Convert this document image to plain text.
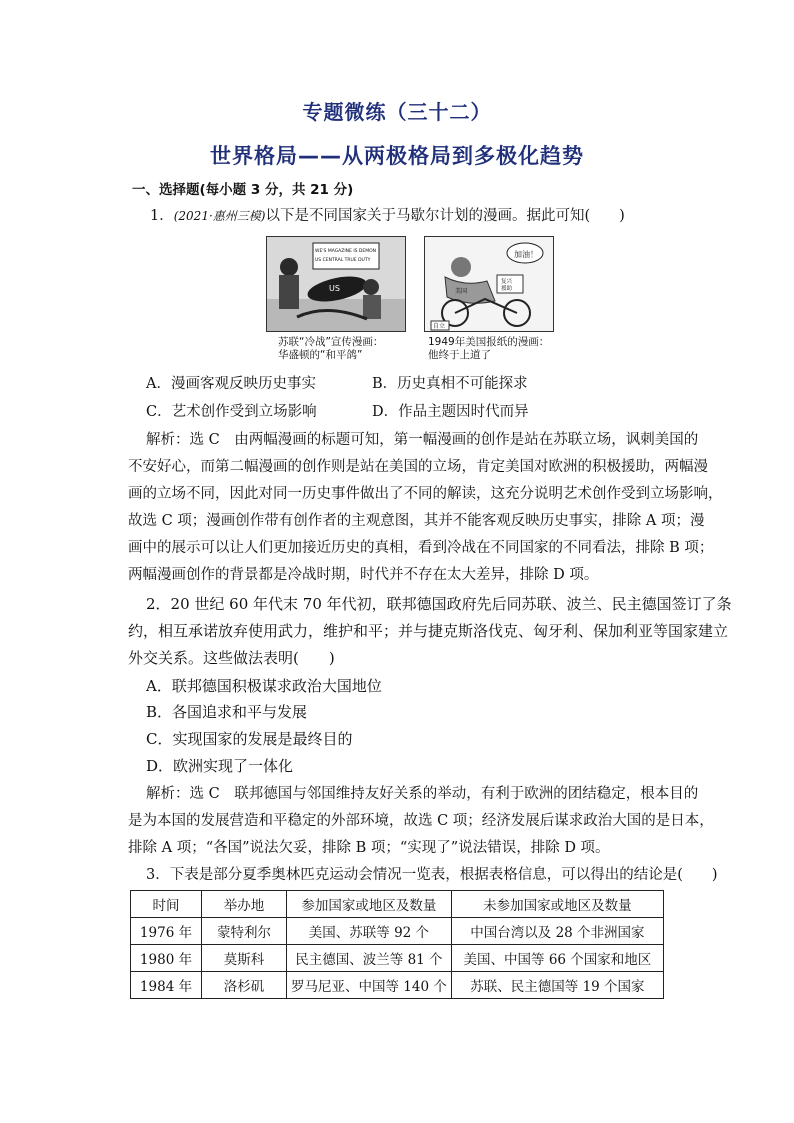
专题微练（三十二）
世界格局——从两极格局到多极化趋势
一、选择题(每小题 3 分，共 21 分)
1．(2021·惠州三模)以下是不同国家关于马歇尔计划的漫画。据此可知(　　)
WE'S MAGAZINE IS DEMON
US CENTRAL TRUE DUTY
US
苏联“冷战”宣传漫画：
华盛顿的“和平鸽”
加油！
美国
复兴
援助
自立
1949年美国报纸的漫画：
他终于上道了
A．漫画客观反映历史事实	B．历史真相不可能探求
C．艺术创作受到立场影响	D．作品主题因时代而异
解析：选 C　由两幅漫画的标题可知，第一幅漫画的创作是站在苏联立场，讽刺美国的
不安好心，而第二幅漫画的创作则是站在美国的立场，肯定美国对欧洲的积极援助，两幅漫
画的立场不同，因此对同一历史事件做出了不同的解读，这充分说明艺术创作受到立场影响，
故选 C 项；漫画创作带有创作者的主观意图，其并不能客观反映历史事实，排除 A 项；漫
画中的展示可以让人们更加接近历史的真相，看到冷战在不同国家的不同看法，排除 B 项；
两幅漫画创作的背景都是冷战时期，时代并不存在太大差异，排除 D 项。
2．20 世纪 60 年代末 70 年代初，联邦德国政府先后同苏联、波兰、民主德国签订了条
约，相互承诺放弃使用武力，维护和平；并与捷克斯洛伐克、匈牙利、保加利亚等国家建立
外交关系。这些做法表明(　　)
A．联邦德国积极谋求政治大国地位
B．各国追求和平与发展
C．实现国家的发展是最终目的
D．欧洲实现了一体化
解析：选 C　联邦德国与邻国维持友好关系的举动，有利于欧洲的团结稳定，根本目的
是为本国的发展营造和平稳定的外部环境，故选 C 项；经济发展后谋求政治大国的是日本，
排除 A 项；“各国”说法欠妥，排除 B 项；“实现了”说法错误，排除 D 项。
3．下表是部分夏季奥林匹克运动会情况一览表，根据表格信息，可以得出的结论是(　　)
时间	举办地	参加国家或地区及数量	未参加国家或地区及数量
1976 年	蒙特利尔	美国、苏联等 92 个	中国台湾以及 28 个非洲国家
1980 年	莫斯科	民主德国、波兰等 81 个	美国、中国等 66 个国家和地区
1984 年	洛杉矶	罗马尼亚、中国等 140 个	苏联、民主德国等 19 个国家
